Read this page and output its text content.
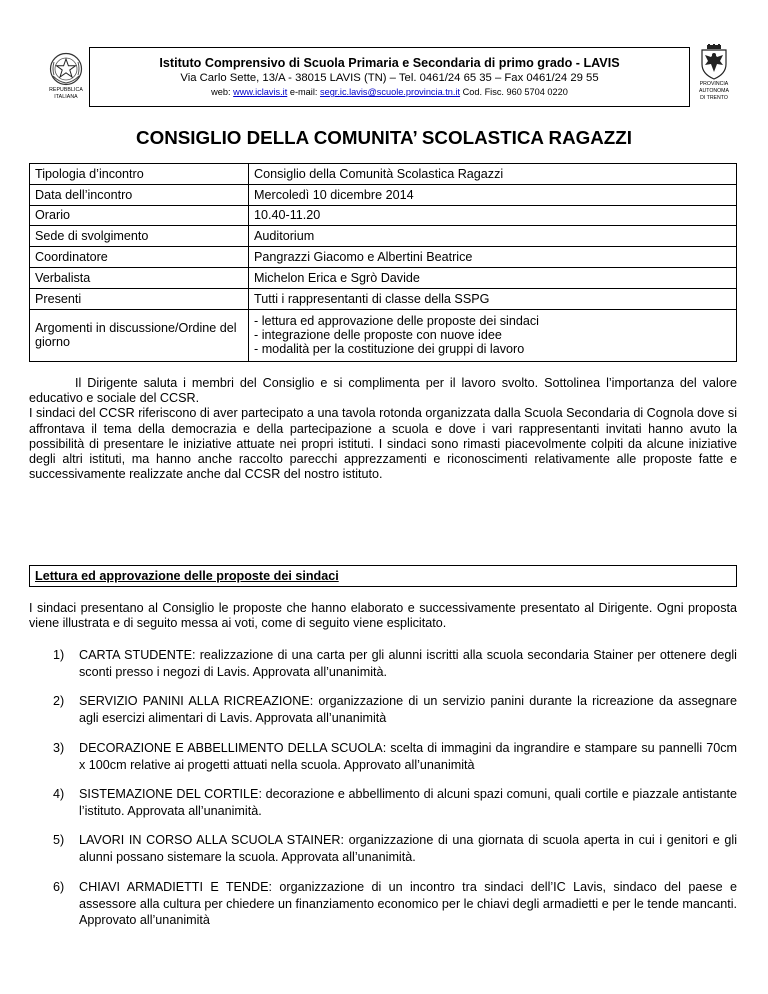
REPUBBLICA
ITALIANA
Istituto Comprensivo di Scuola Primaria e Secondaria di primo grado - LAVIS
Via Carlo Sette, 13/A - 38015 LAVIS (TN) – Tel. 0461/24 65 35 – Fax 0461/24 29 55
web: www.iclavis.it e-mail: segr.ic.lavis@scuole.provincia.tn.it Cod. Fisc. 960 5704 0220
PROVINCIA
AUTONOMA
DI TRENTO
CONSIGLIO DELLA COMUNITA’ SCOLASTICA RAGAZZI
Tipologia d’incontro	Consiglio della Comunità Scolastica Ragazzi
Data dell’incontro	Mercoledì 10 dicembre 2014
Orario	10.40-11.20
Sede di svolgimento	Auditorium
Coordinatore	Pangrazzi Giacomo e Albertini Beatrice
Verbalista	Michelon Erica e Sgrò Davide
Presenti	Tutti i rappresentanti di classe della SSPG
Argomenti in discussione/Ordine del giorno	- lettura ed approvazione delle proposte dei sindaci
- integrazione delle proposte con nuove idee
- modalità per la costituzione dei gruppi di lavoro

Il Dirigente saluta i membri del Consiglio e si complimenta per il lavoro svolto. Sottolinea l’importanza del valore educativo e sociale del CCSR.

I sindaci del CCSR riferiscono di aver partecipato a una tavola rotonda organizzata dalla Scuola Secondaria di Cognola dove si affrontava il tema della democrazia e della partecipazione a scuola e dove i vari rappresentanti invitati hanno avuto la possibilità di presentare le iniziative attuate nei propri istituti. I sindaci sono rimasti piacevolmente colpiti da alcune iniziative degli altri istituti, ma hanno anche raccolto parecchi apprezzamenti e riconoscimenti relativamente alle proposte fatte e successivamente realizzate anche dal CCSR del nostro istituto.

Lettura ed approvazione delle proposte dei sindaci
I sindaci presentano al Consiglio le proposte che hanno elaborato e successivamente presentato al Dirigente. Ogni proposta viene illustrata e di seguito messa ai voti, come di seguito viene esplicitato.
1) CARTA STUDENTE: realizzazione di una carta per gli alunni iscritti alla scuola secondaria Stainer per ottenere degli sconti presso i negozi di Lavis. Approvata all’unanimità.
2) SERVIZIO PANINI ALLA RICREAZIONE: organizzazione di un servizio panini durante la ricreazione da assegnare agli esercizi alimentari di Lavis. Approvata all’unanimità
3) DECORAZIONE E ABBELLIMENTO DELLA SCUOLA: scelta di immagini da ingrandire e stampare su pannelli 70cm x 100cm relative ai progetti attuati nella scuola. Approvato all’unanimità
4) SISTEMAZIONE DEL CORTILE: decorazione e abbellimento di alcuni spazi comuni, quali cortile e piazzale antistante l’istituto. Approvata all’unanimità.
5) LAVORI IN CORSO ALLA SCUOLA STAINER: organizzazione di una giornata di scuola aperta in cui i genitori e gli alunni possano sistemare la scuola. Approvata all’unanimità.
6) CHIAVI ARMADIETTI E TENDE: organizzazione di un incontro tra sindaci dell’IC Lavis, sindaco del paese e assessore alla cultura per chiedere un finanziamento economico per le chiavi degli armadietti e per le tende mancanti. Approvato all’unanimità
